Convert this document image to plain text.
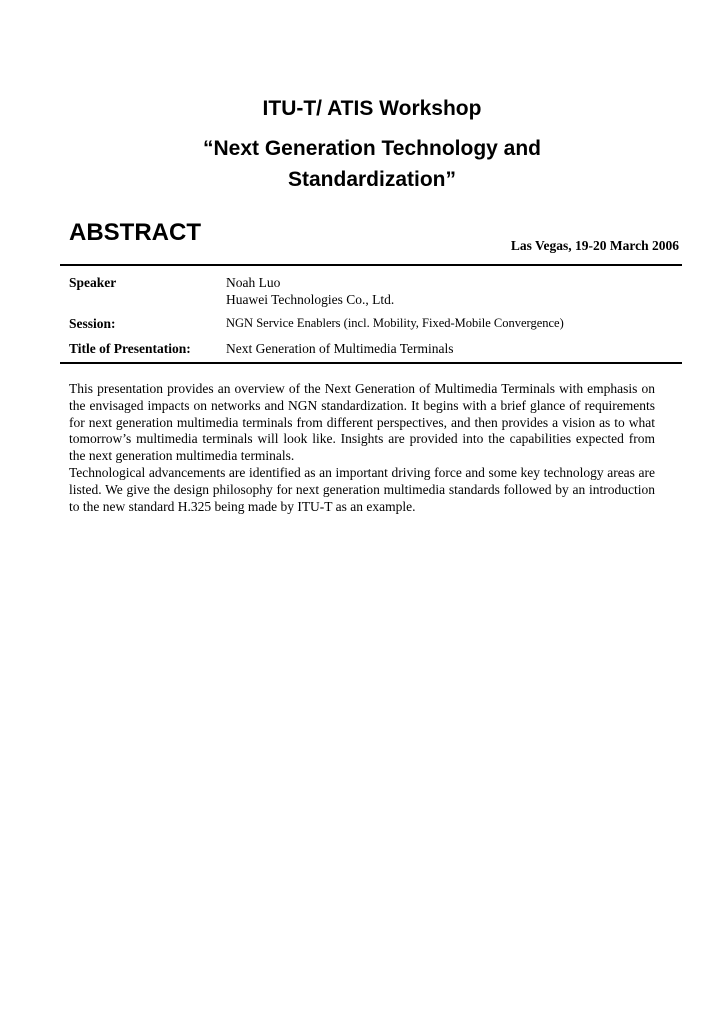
ITU-T/ ATIS Workshop
“Next Generation Technology and
Standardization”
ABSTRACT	Las Vegas, 19-20 March 2006
Speaker	Noah Luo
Huawei Technologies Co., Ltd.
Session:	NGN Service Enablers (incl. Mobility, Fixed-Mobile Convergence)
Title of Presentation:	Next Generation of Multimedia Terminals

This presentation provides an overview of the Next Generation of Multimedia Terminals with emphasis on the envisaged impacts on networks and NGN standardization. It begins with a brief glance of requirements for next generation multimedia terminals from different perspectives, and then provides a vision as to what tomorrow’s multimedia terminals will look like. Insights are provided into the capabilities expected from the next generation multimedia terminals.

Technological advancements are identified as an important driving force and some key technology areas are listed. We give the design philosophy for next generation multimedia standards followed by an introduction to the new standard H.325 being made by ITU-T as an example.
